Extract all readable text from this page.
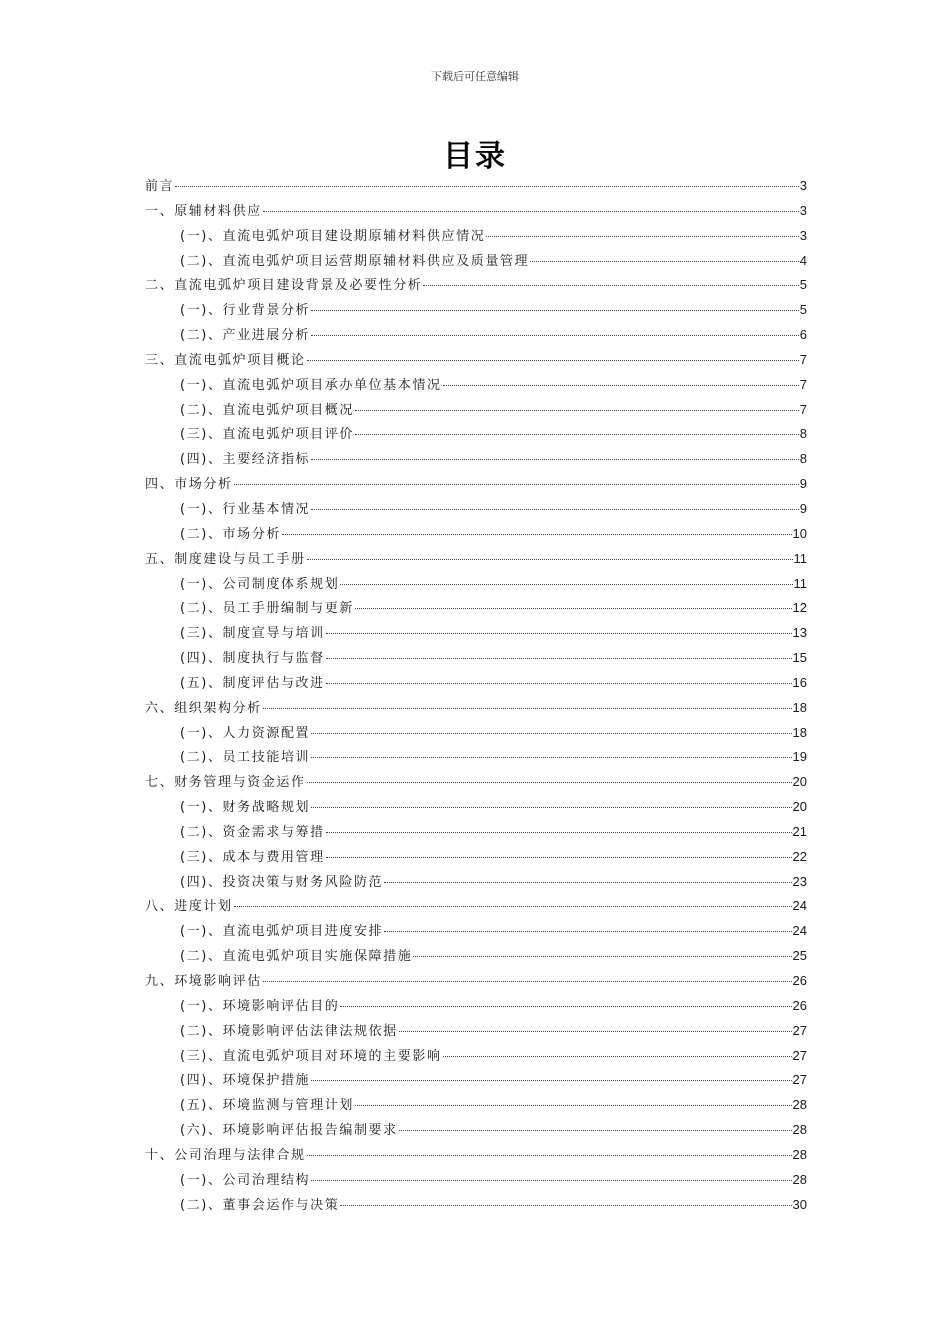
下载后可任意编辑
目录
前言	3
一、原辅材料供应	3
(一)、直流电弧炉项目建设期原辅材料供应情况	3
(二)、直流电弧炉项目运营期原辅材料供应及质量管理	4
二、直流电弧炉项目建设背景及必要性分析	5
(一)、行业背景分析	5
(二)、产业进展分析	6
三、直流电弧炉项目概论	7
(一)、直流电弧炉项目承办单位基本情况	7
(二)、直流电弧炉项目概况	7
(三)、直流电弧炉项目评价	8
(四)、主要经济指标	8
四、市场分析	9
(一)、行业基本情况	9
(二)、市场分析	10
五、制度建设与员工手册	11
(一)、公司制度体系规划	11
(二)、员工手册编制与更新	12
(三)、制度宣导与培训	13
(四)、制度执行与监督	15
(五)、制度评估与改进	16
六、组织架构分析	18
(一)、人力资源配置	18
(二)、员工技能培训	19
七、财务管理与资金运作	20
(一)、财务战略规划	20
(二)、资金需求与筹措	21
(三)、成本与费用管理	22
(四)、投资决策与财务风险防范	23
八、进度计划	24
(一)、直流电弧炉项目进度安排	24
(二)、直流电弧炉项目实施保障措施	25
九、环境影响评估	26
(一)、环境影响评估目的	26
(二)、环境影响评估法律法规依据	27
(三)、直流电弧炉项目对环境的主要影响	27
(四)、环境保护措施	27
(五)、环境监测与管理计划	28
(六)、环境影响评估报告编制要求	28
十、公司治理与法律合规	28
(一)、公司治理结构	28
(二)、董事会运作与决策	30
